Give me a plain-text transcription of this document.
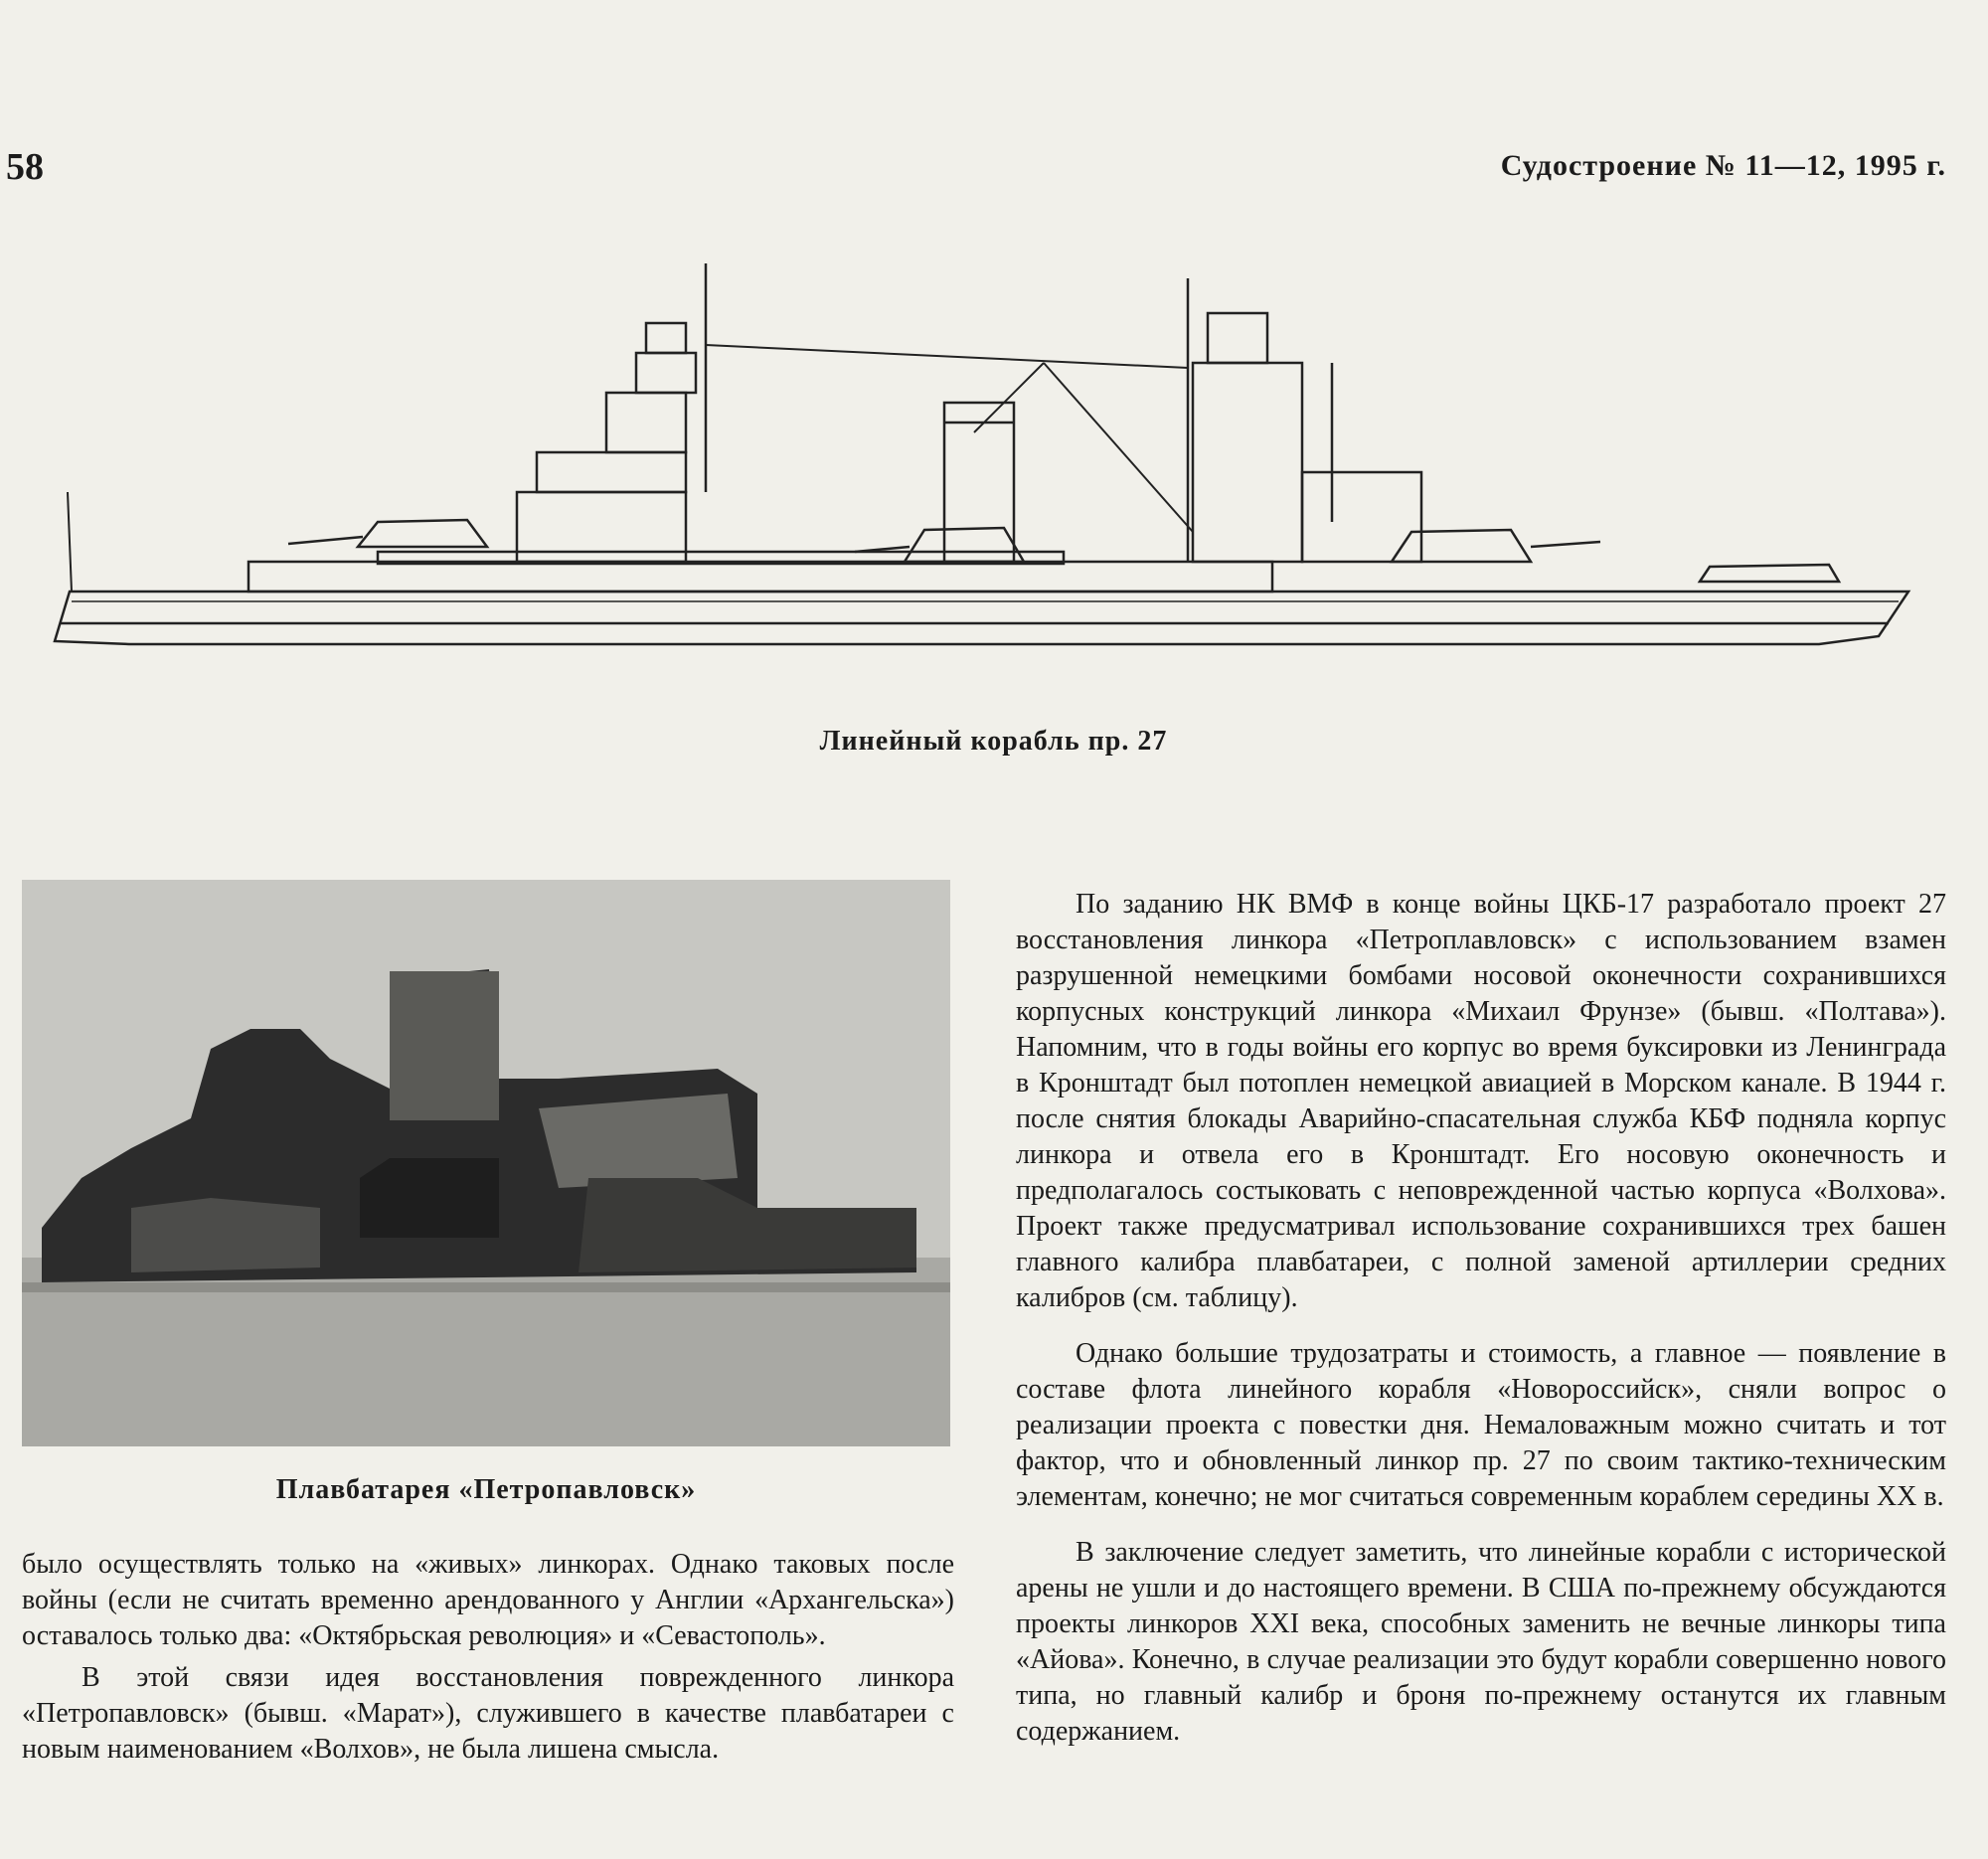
58	Судостроение № 11—12, 1995 г.
Линейный корабль пр. 27
Плавбатарея «Петропавловск»

было осуществлять только на «живых» линкорах. Однако таковых после войны (если не считать временно арендованного у Англии «Архангельска») оставалось только два: «Октябрьская революция» и «Севастополь».

В этой связи идея восстановления поврежденного линкора «Петропавловск» (бывш. «Марат»), служившего в качестве плавбатареи с новым наименованием «Волхов», не была лишена смысла.

По заданию НК ВМФ в конце войны ЦКБ-17 разработало проект 27 восстановления линкора «Петроплавловск» с использованием взамен разрушенной немецкими бомбами носовой оконечности сохранившихся корпусных конструкций линкора «Михаил Фрунзе» (бывш. «Полтава»). Напомним, что в годы войны его корпус во время буксировки из Ленинграда в Кронштадт был потоплен немецкой авиацией в Морском канале. В 1944 г. после снятия блокады Аварийно-спасательная служба КБФ подняла корпус линкора и отвела его в Кронштадт. Его носовую оконечность и предполагалось состыковать с неповрежденной частью корпуса «Волхова». Проект также предусматривал использование сохранившихся трех башен главного калибра плавбатареи, с полной заменой артиллерии средних калибров (см. таблицу).

Однако большие трудозатраты и стоимость, а главное — появление в составе флота линейного корабля «Новороссийск», сняли вопрос о реализации проекта с повестки дня. Немаловажным можно считать и тот фактор, что и обновленный линкор пр. 27 по своим тактико-техническим элементам, конечно; не мог считаться современным кораблем середины XX в.

В заключение следует заметить, что линейные корабли с исторической арены не ушли и до настоящего времени. В США по-прежнему обсуждаются проекты линкоров XXI века, способных заменить не вечные линкоры типа «Айова». Конечно, в случае реализации это будут корабли совершенно нового типа, но главный калибр и броня по-прежнему останутся их главным содержанием.
